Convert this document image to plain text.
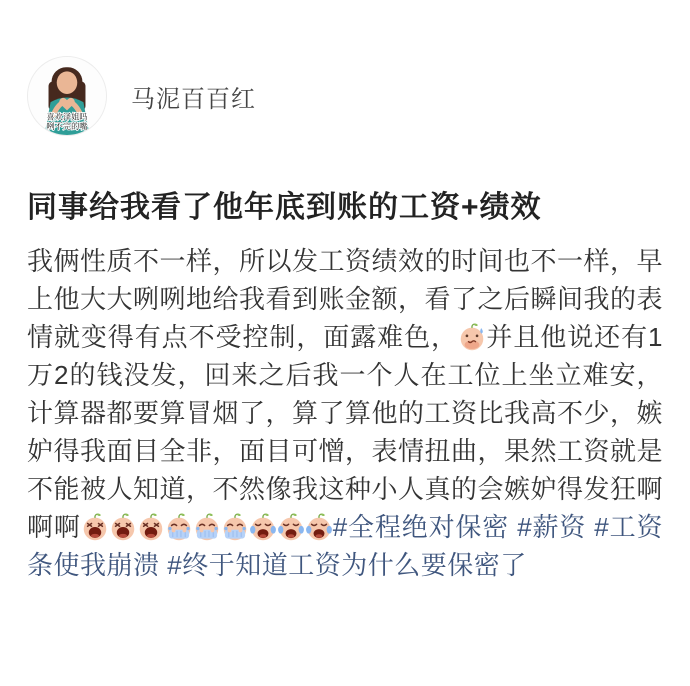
喜欢泽姐吗
咧不完的嘴
马泥百百红
同事给我看了他年底到账的工资+绩效

我俩性质不一样，所以发工资绩效的时间也不一样，早上他大大咧咧地给我看到账金额，看了之后瞬间我的表情就变得有点不受控制，面露难色， 并且他说还有1万2的钱没发，回来之后我一个人在工位上坐立难安，计算器都要算冒烟了，算了算他的工资比我高不少，嫉妒得我面目全非，面目可憎，表情扭曲，果然工资就是不能被人知道，不然像我这种小人真的会嫉妒得发狂啊啊啊	#全程绝对保密 #薪资 #工资条使我崩溃 #终于知道工资为什么要保密了
